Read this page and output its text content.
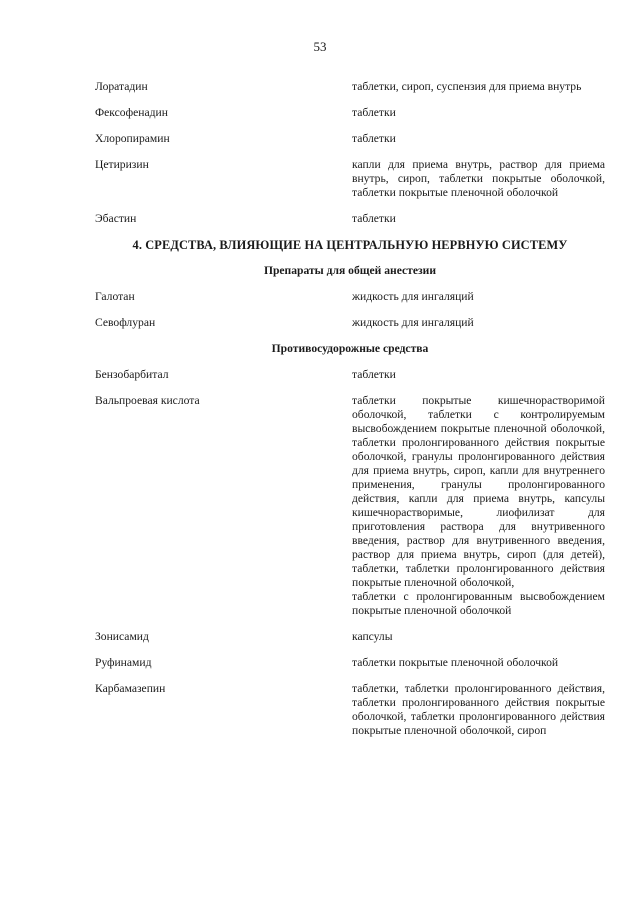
53
Лоратадин	таблетки, сироп, суспензия для приема внутрь
Фексофенадин	таблетки
Хлоропирамин	таблетки
Цетиризин	капли для приема внутрь, раствор для приема внутрь, сироп, таблетки покрытые оболочкой, таблетки покрытые пленочной оболочкой
Эбастин	таблетки
4. СРЕДСТВА, ВЛИЯЮЩИЕ НА ЦЕНТРАЛЬНУЮ НЕРВНУЮ СИСТЕМУ
Препараты для общей анестезии
Галотан	жидкость для ингаляций
Севофлуран	жидкость для ингаляций
Противосудорожные средства
Бензобарбитал	таблетки
Вальпроевая кислота	таблетки покрытые кишечнорастворимой оболочкой, таблетки с контролируемым высвобождением покрытые пленочной оболочкой, таблетки пролонгированного действия покрытые оболочкой, гранулы пролонгированного действия для приема внутрь, сироп, капли для внутреннего применения, гранулы пролонгированного действия, капли для приема внутрь, капсулы кишечнорастворимые, лиофилизат для приготовления раствора для внутривенного введения, раствор для внутривенного введения, раствор для приема внутрь, сироп (для детей), таблетки, таблетки пролонгированного действия покрытые пленочной оболочкой,
таблетки с пролонгированным высвобождением покрытые пленочной оболочкой
Зонисамид	капсулы
Руфинамид	таблетки покрытые пленочной оболочкой
Карбамазепин	таблетки, таблетки пролонгированного действия, таблетки пролонгированного действия покрытые оболочкой, таблетки пролонгированного действия покрытые пленочной оболочкой, сироп
